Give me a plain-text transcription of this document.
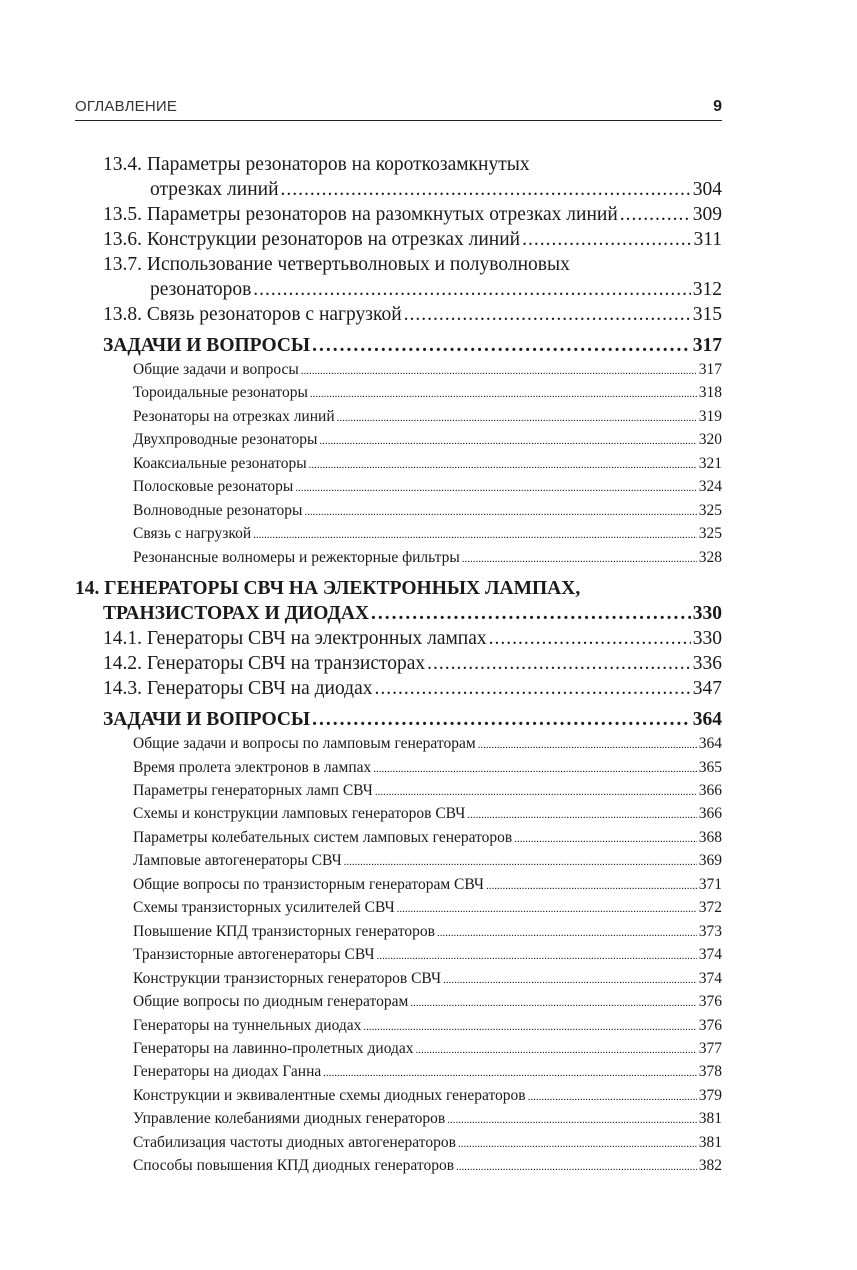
ОГЛАВЛЕНИЕ	9
13.4. Параметры резонаторов на короткозамкнутых
отрезках линий .....	304
13.5. Параметры резонаторов на разомкнутых отрезках линий .....	309
13.6. Конструкции резонаторов на отрезках линий .....	311
13.7. Использование четвертьволновых и полуволновых
резонаторов .....	312
13.8. Связь резонаторов с нагрузкой .....	315
ЗАДАЧИ И ВОПРОСЫ .....	317
Общие задачи и вопросы .....	317
Тороидальные резонаторы .....	318
Резонаторы на отрезках линий .....	319
Двухпроводные резонаторы .....	320
Коаксиальные резонаторы .....	321
Полосковые резонаторы .....	324
Волноводные резонаторы .....	325
Связь с нагрузкой .....	325
Резонансные волномеры и режекторные фильтры .....	328
14. ГЕНЕРАТОРЫ СВЧ НА ЭЛЕКТРОННЫХ ЛАМПАХ,
ТРАНЗИСТОРАХ И ДИОДАХ .....	330
14.1. Генераторы СВЧ на электронных лампах .....	330
14.2. Генераторы СВЧ на транзисторах .....	336
14.3. Генераторы СВЧ на диодах .....	347
ЗАДАЧИ И ВОПРОСЫ .....	364
Общие задачи и вопросы по ламповым генераторам .....	364
Время пролета электронов в лампах .....	365
Параметры генераторных ламп СВЧ .....	366
Схемы и конструкции ламповых генераторов СВЧ .....	366
Параметры колебательных систем ламповых генераторов .....	368
Ламповые автогенераторы СВЧ .....	369
Общие вопросы по транзисторным генераторам СВЧ .....	371
Схемы транзисторных усилителей СВЧ .....	372
Повышение КПД транзисторных генераторов .....	373
Транзисторные автогенераторы СВЧ .....	374
Конструкции транзисторных генераторов СВЧ .....	374
Общие вопросы по диодным генераторам .....	376
Генераторы на туннельных диодах .....	376
Генераторы на лавинно-пролетных диодах .....	377
Генераторы на диодах Ганна .....	378
Конструкции и эквивалентные схемы диодных генераторов .....	379
Управление колебаниями диодных генераторов .....	381
Стабилизация частоты диодных автогенераторов .....	381
Способы повышения КПД диодных генераторов .....	382
